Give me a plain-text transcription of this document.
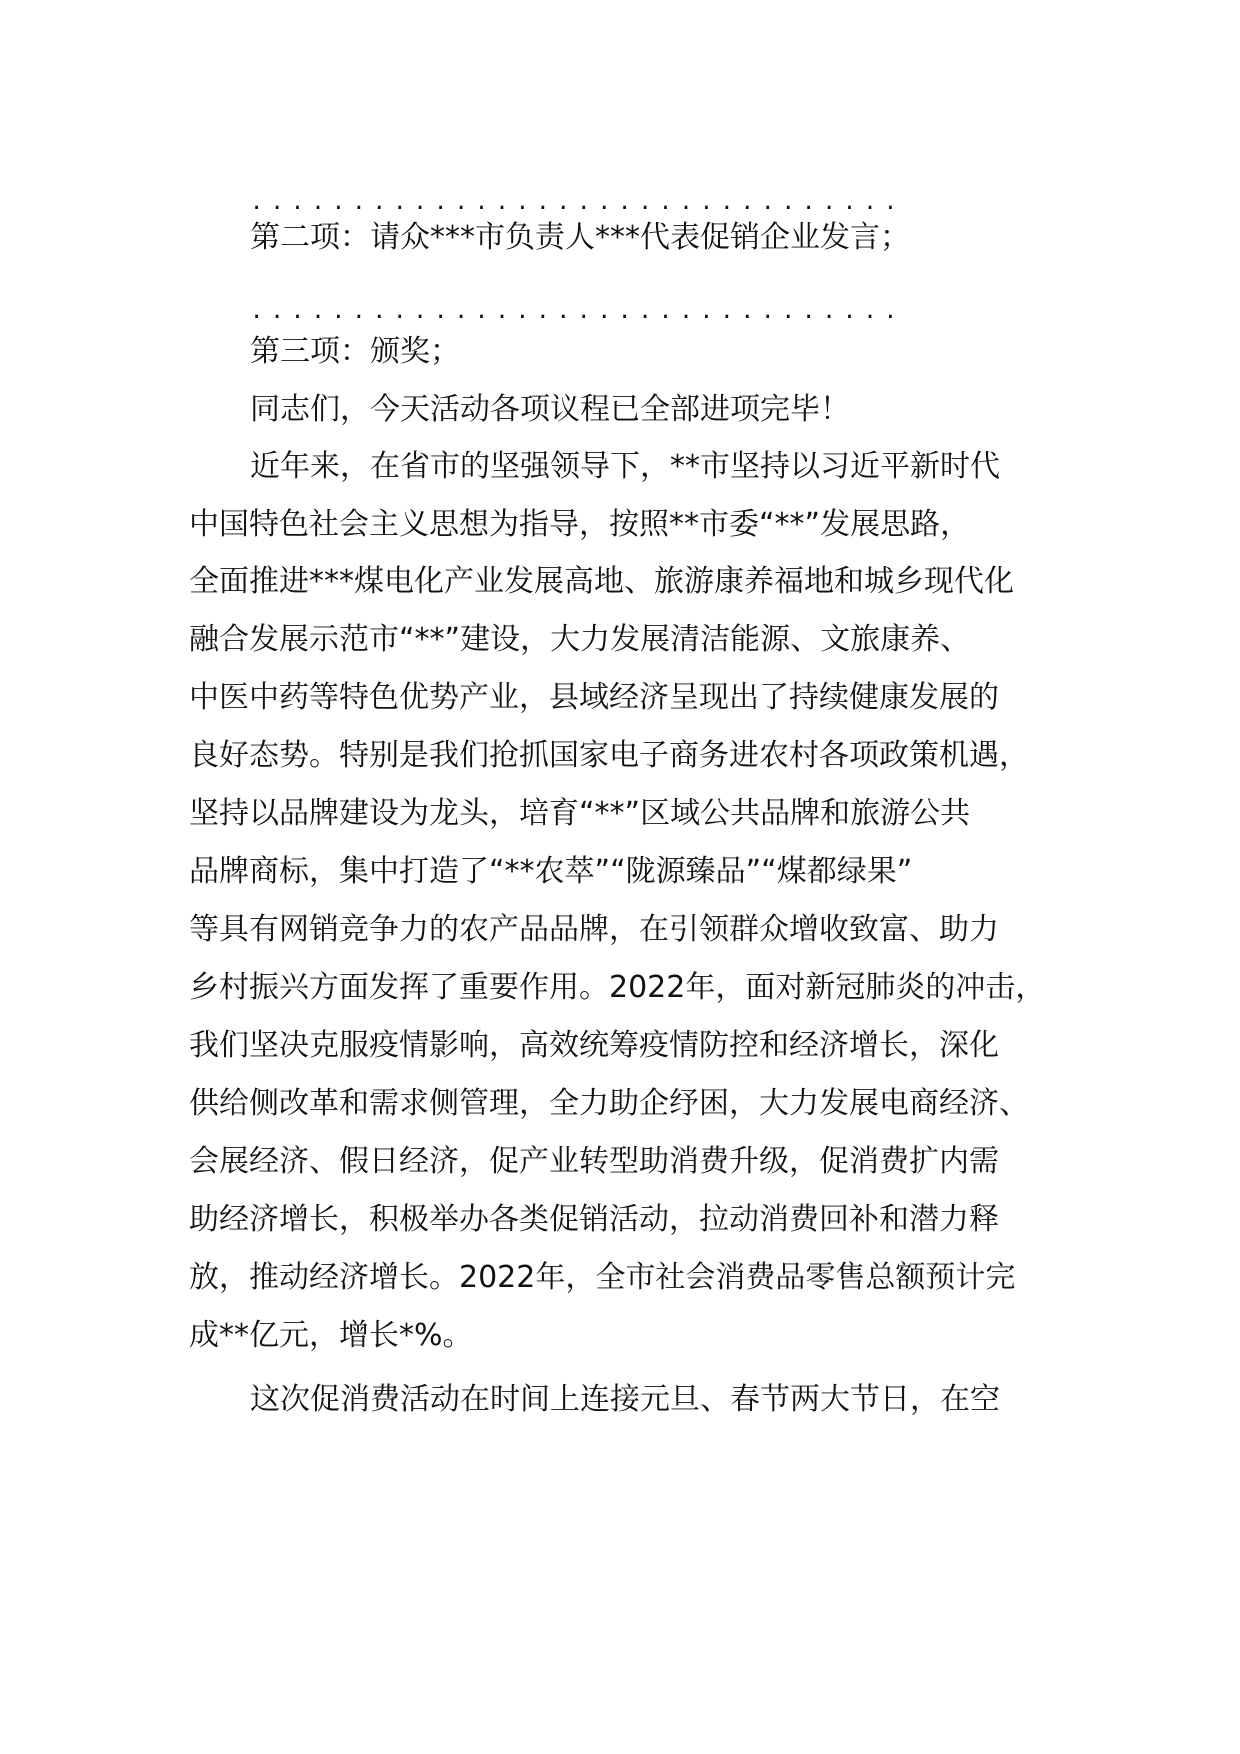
................................
第二项：请众***市负责人***代表促销企业发言；
................................
第三项：颁奖；
同志们，今天活动各项议程已全部进项完毕！
近年来，在省市的坚强领导下，**市坚持以习近平新时代
中国特色社会主义思想为指导，按照**市委“**”发展思路，
全面推进***煤电化产业发展高地、旅游康养福地和城乡现代化
融合发展示范市“**”建设，大力发展清洁能源、文旅康养、
中医中药等特色优势产业，县域经济呈现出了持续健康发展的
良好态势。特别是我们抢抓国家电子商务进农村各项政策机遇，
坚持以品牌建设为龙头，培育“**”区域公共品牌和旅游公共
品牌商标，集中打造了“**农萃”“陇源臻品”“煤都绿果”
等具有网销竞争力的农产品品牌，在引领群众增收致富、助力
乡村振兴方面发挥了重要作用。2022年，面对新冠肺炎的冲击，
我们坚决克服疫情影响，高效统筹疫情防控和经济增长，深化
供给侧改革和需求侧管理，全力助企纾困，大力发展电商经济、
会展经济、假日经济，促产业转型助消费升级，促消费扩内需
助经济增长，积极举办各类促销活动，拉动消费回补和潜力释
放，推动经济增长。2022年，全市社会消费品零售总额预计完
成**亿元，增长*%。
这次促消费活动在时间上连接元旦、春节两大节日，在空
